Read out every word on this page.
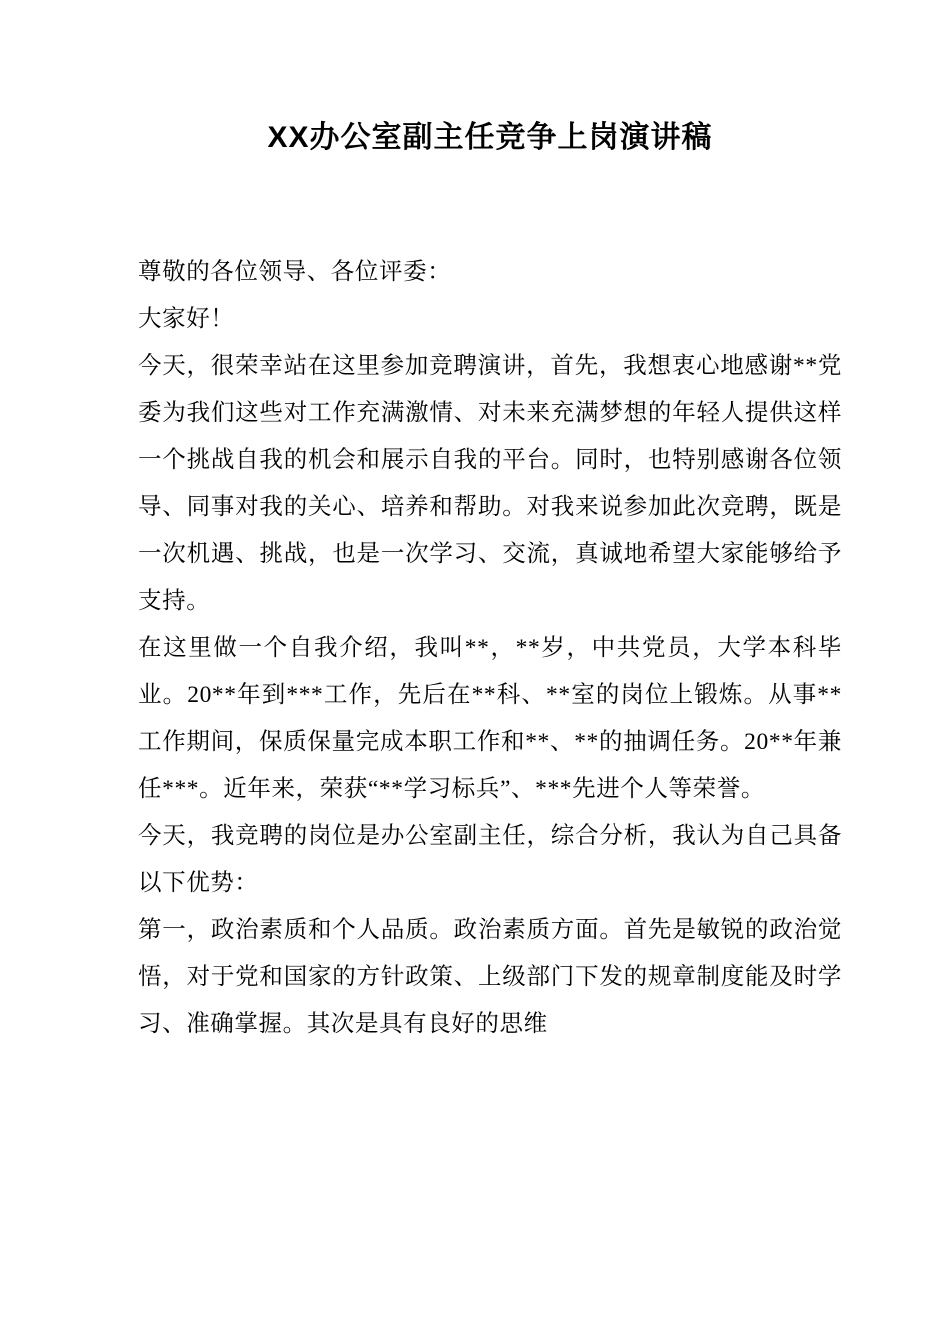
XX办公室副主任竞争上岗演讲稿

尊敬的各位领导、各位评委：

大家好！

今天，很荣幸站在这里参加竞聘演讲，首先，我想衷心地感谢**党委为我们这些对工作充满激情、对未来充满梦想的年轻人提供这样一个挑战自我的机会和展示自我的平台。同时，也特别感谢各位领导、同事对我的关心、培养和帮助。对我来说参加此次竞聘，既是一次机遇、挑战，也是一次学习、交流，真诚地希望大家能够给予支持。

在这里做一个自我介绍，我叫**，**岁，中共党员，大学本科毕业。20**年到***工作，先后在**科、**室的岗位上锻炼。从事**工作期间，保质保量完成本职工作和**、**的抽调任务。20**年兼任***。近年来，荣获“**学习标兵”、***先进个人等荣誉。

今天，我竞聘的岗位是办公室副主任，综合分析，我认为自己具备以下优势：

第一，政治素质和个人品质。政治素质方面。首先是敏锐的政治觉悟，对于党和国家的方针政策、上级部门下发的规章制度能及时学习、准确掌握。其次是具有良好的思维
